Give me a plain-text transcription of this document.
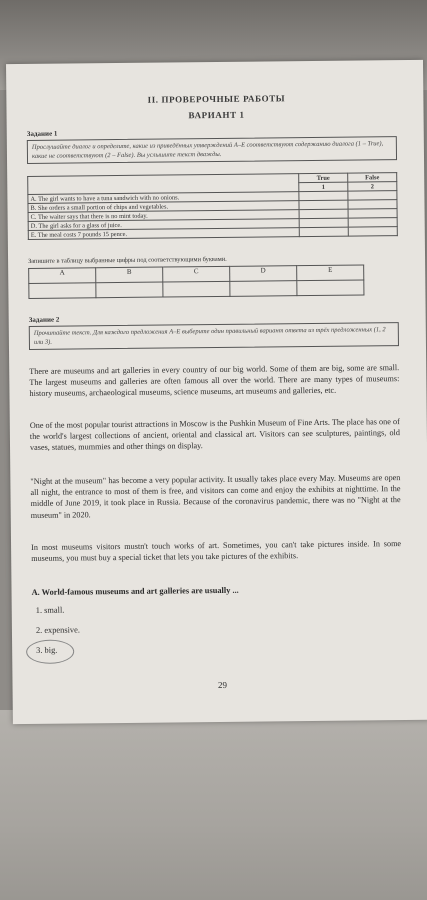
II. ПРОВЕРОЧНЫЕ РАБОТЫ
ВАРИАНТ 1
Задание 1
Прослушайте диалог и определите, какие из приведённых утверждений А–Е соответствуют содержанию диалога (1 – True), какие не соответствуют (2 – False). Вы услышите текст дважды.
	True	False
	1	2
A. The girl wants to have a tuna sandwich with no onions.		
B. She orders a small portion of chips and vegetables.		
C. The waiter says that there is no mint today.		
D. The girl asks for a glass of juice.		
E. The meal costs 7 pounds 15 pence.		
Запишите в таблицу выбранные цифры под соответствующими буквами.
A	B	C	D	E

Задание 2
Прочитайте текст. Для каждого предложения А–Е выберите один правильный вариант ответа из трёх предложенных (1, 2 или 3).
There are museums and art galleries in every country of our big world. Some of them are big, some are small. The largest museums and galleries are often famous all over the world. There are many types of museums: history museums, archaeological museums, science museums, art museums and galleries, etc.
One of the most popular tourist attractions in Moscow is the Pushkin Museum of Fine Arts. The place has one of the world's largest collections of ancient, oriental and classical art. Visitors can see sculptures, paintings, old vases, statues, mummies and other things on display.
"Night at the museum" has become a very popular activity. It usually takes place every May. Museums are open all night, the entrance to most of them is free, and visitors can come and enjoy the exhibits at nighttime. In the middle of June 2019, it took place in Russia. Because of the coronavirus pandemic, there was no "Night at the museum" in 2020.
In most museums visitors mustn't touch works of art. Sometimes, you can't take pictures inside. In some museums, you must buy a special ticket that lets you take pictures of the exhibits.
A. World-famous museums and art galleries are usually ...
1. small.
2. expensive.
3. big.
29
